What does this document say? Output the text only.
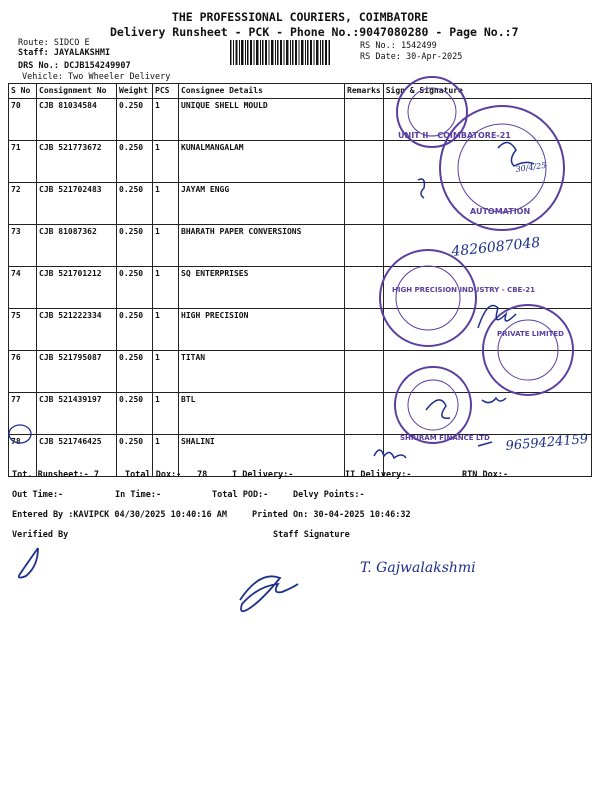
THE PROFESSIONAL COURIERS, COIMBATORE
Delivery Runsheet - PCK - Phone No.:9047080280 - Page No.:7
Route: SIDCO E
Staff: JAYALAKSHMI
DRS No.: DCJB154249907
Vehicle: Two Wheeler Delivery
RS No.: 1542499
RS Date: 30-Apr-2025
S No	Consignment No	Weight	PCS	Consignee Details	Remarks	Sign & Signature
70	CJB 81034584	0.250	1	UNIQUE SHELL MOULD		
71	CJB 521773672	0.250	1	KUNALMANGALAM		
72	CJB 521702483	0.250	1	JAYAM ENGG		
73	CJB 81087362	0.250	1	BHARATH PAPER CONVERSIONS		
74	CJB 521701212	0.250	1	SQ ENTERPRISES		
75	CJB 521222334	0.250	1	HIGH PRECISION		
76	CJB 521795087	0.250	1	TITAN		
77	CJB 521439197	0.250	1	BTL		
78	CJB 521746425	0.250	1	SHALINI		
Tot. Runsheet:- 7	Total Dox:- 78	I Delivery:-	II Delivery:-	RTN Dox:-
Out Time:-	In Time:-	Total POD:-	Delvy Points:-
Entered By :KAVIPCK 04/30/2025 10:40:16 AM	Printed On: 30-04-2025 10:46:32
Verified By	Staff Signature
UNIT II - COIMBATORE-21
AUTOMATION
HIGH PRECISION INDUSTRY - CBE-21
PRIVATE LIMITED
SHRIRAM FINANCE LTD
4826087048
9659424159
30/4/25
T. Gajwalakshmi
